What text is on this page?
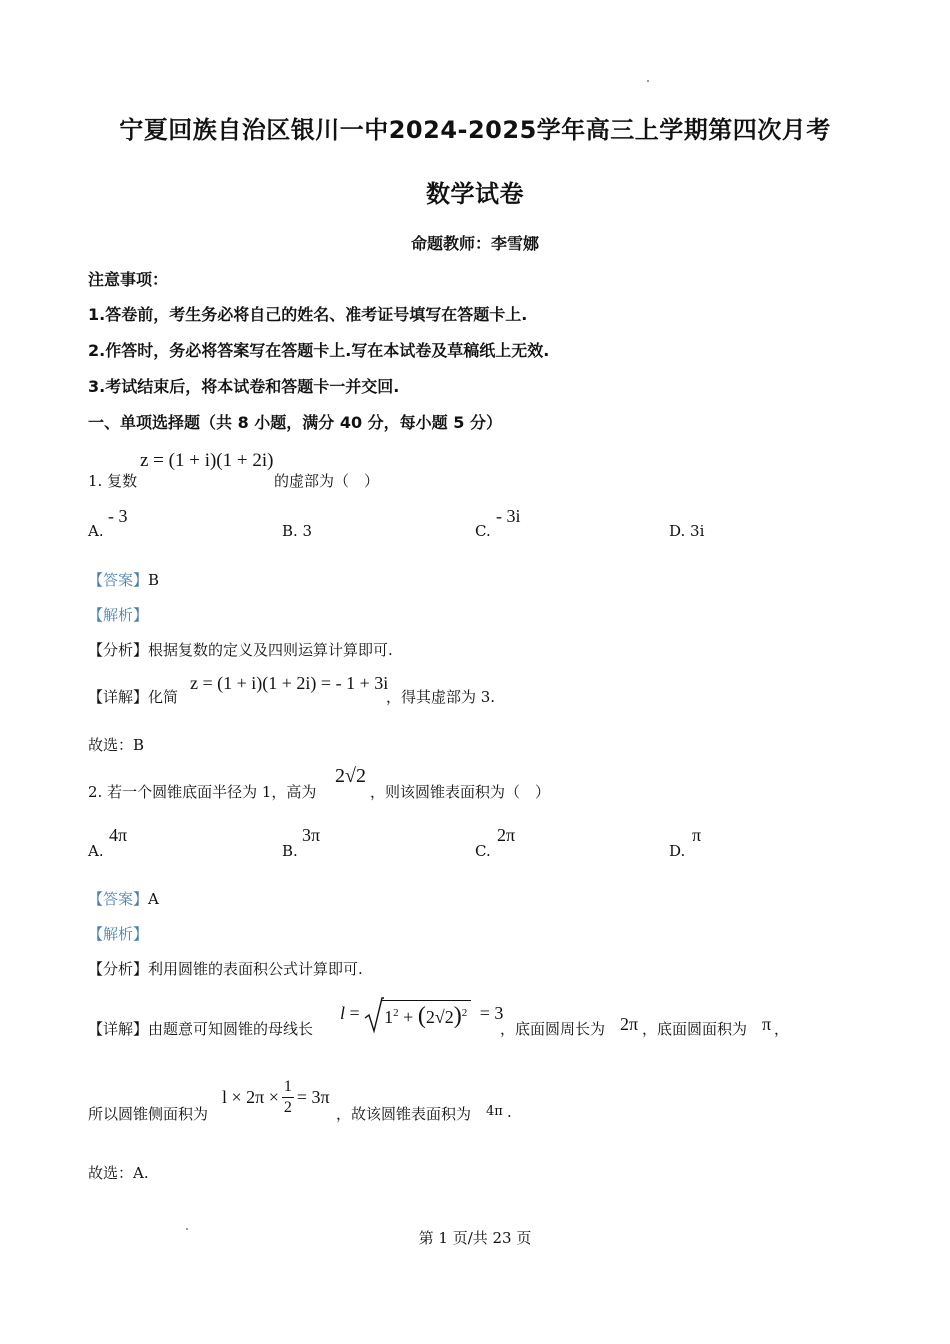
宁夏回族自治区银川一中2024-2025学年高三上学期第四次月考
数学试卷
命题教师：李雪娜
注意事项：
1.答卷前，考生务必将自己的姓名、准考证号填写在答题卡上.
2.作答时，务必将答案写在答题卡上.写在本试卷及草稿纸上无效.
3.考试结束后，将本试卷和答题卡一并交回.
一、单项选择题（共 8 小题，满分 40 分，每小题 5 分）
1. 复数
z = (1 + i)(1 + 2i)
的虚部为（　）
A.
- 3
B. 3	C.
- 3i
D. 3i
【答案】B
【解析】
【分析】根据复数的定义及四则运算计算即可.
【详解】化简
z = (1 + i)(1 + 2i) = - 1 + 3i
，得其虚部为 3.
故选：B
2. 若一个圆锥底面半径为 1，高为
2√2
，则该圆锥表面积为（　）
A.
4π
B.
3π
C.
2π
D.
π
【答案】A
【解析】
【分析】利用圆锥的表面积公式计算即可.
【详解】由题意可知圆锥的母线长
$l = 1^2 + (2√2)^2 = 3$
，底面圆周长为 2π ，底面圆面积为 π ，
所以圆锥侧面积为
$l \times 2\pi \times \frac{1}{2} = 3\pi$
，故该圆锥表面积为 4π .
故选：A.
第 1 页/共 23 页
